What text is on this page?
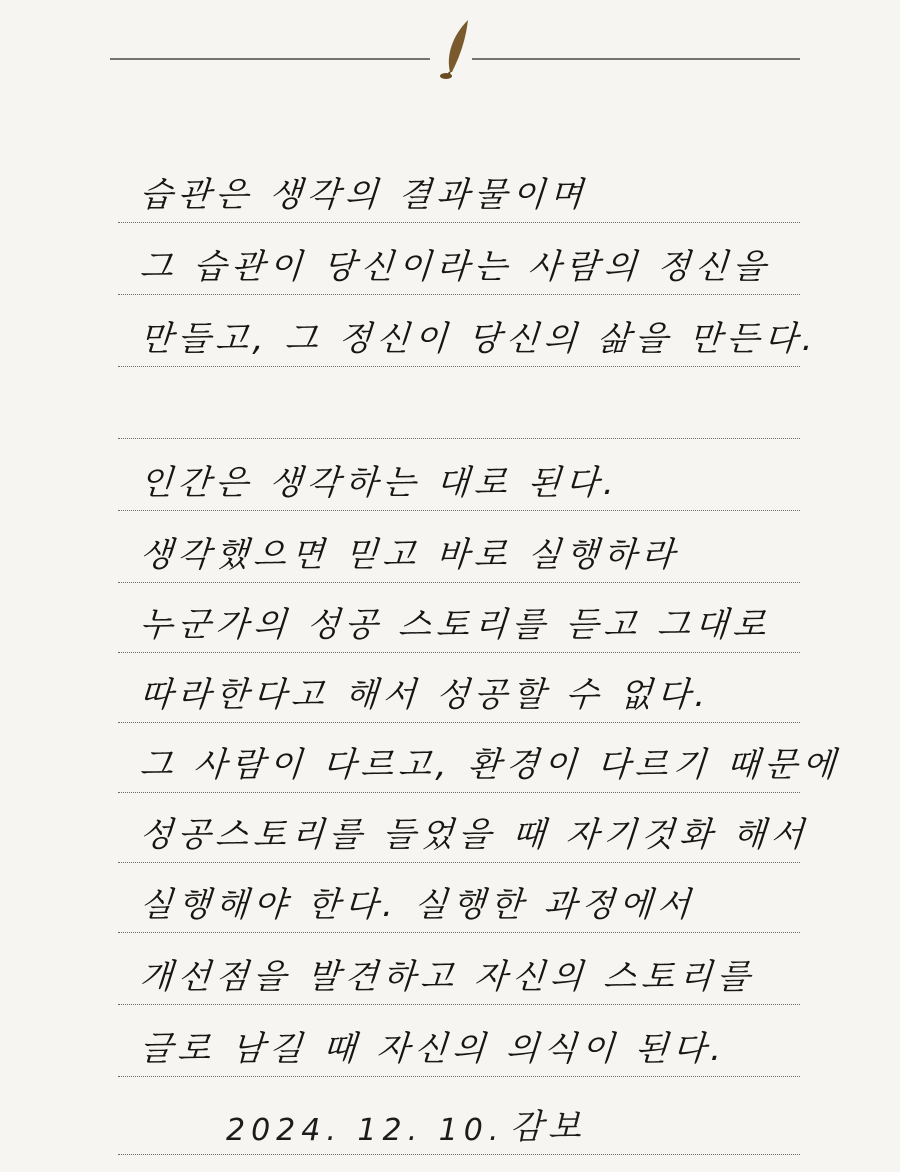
습관은 생각의 결과물이며
그 습관이 당신이라는 사람의 정신을
만들고, 그 정신이 당신의 삶을 만든다.
인간은 생각하는 대로 된다.
생각했으면 믿고 바로 실행하라
누군가의 성공 스토리를 듣고 그대로
따라한다고 해서 성공할 수 없다.
그 사람이 다르고, 환경이 다르기 때문에
성공스토리를 들었을 때 자기것화 해서
실행해야 한다. 실행한 과정에서
개선점을 발견하고 자신의 스토리를
글로 남길 때 자신의 의식이 된다.
2024. 12. 10. 감보
